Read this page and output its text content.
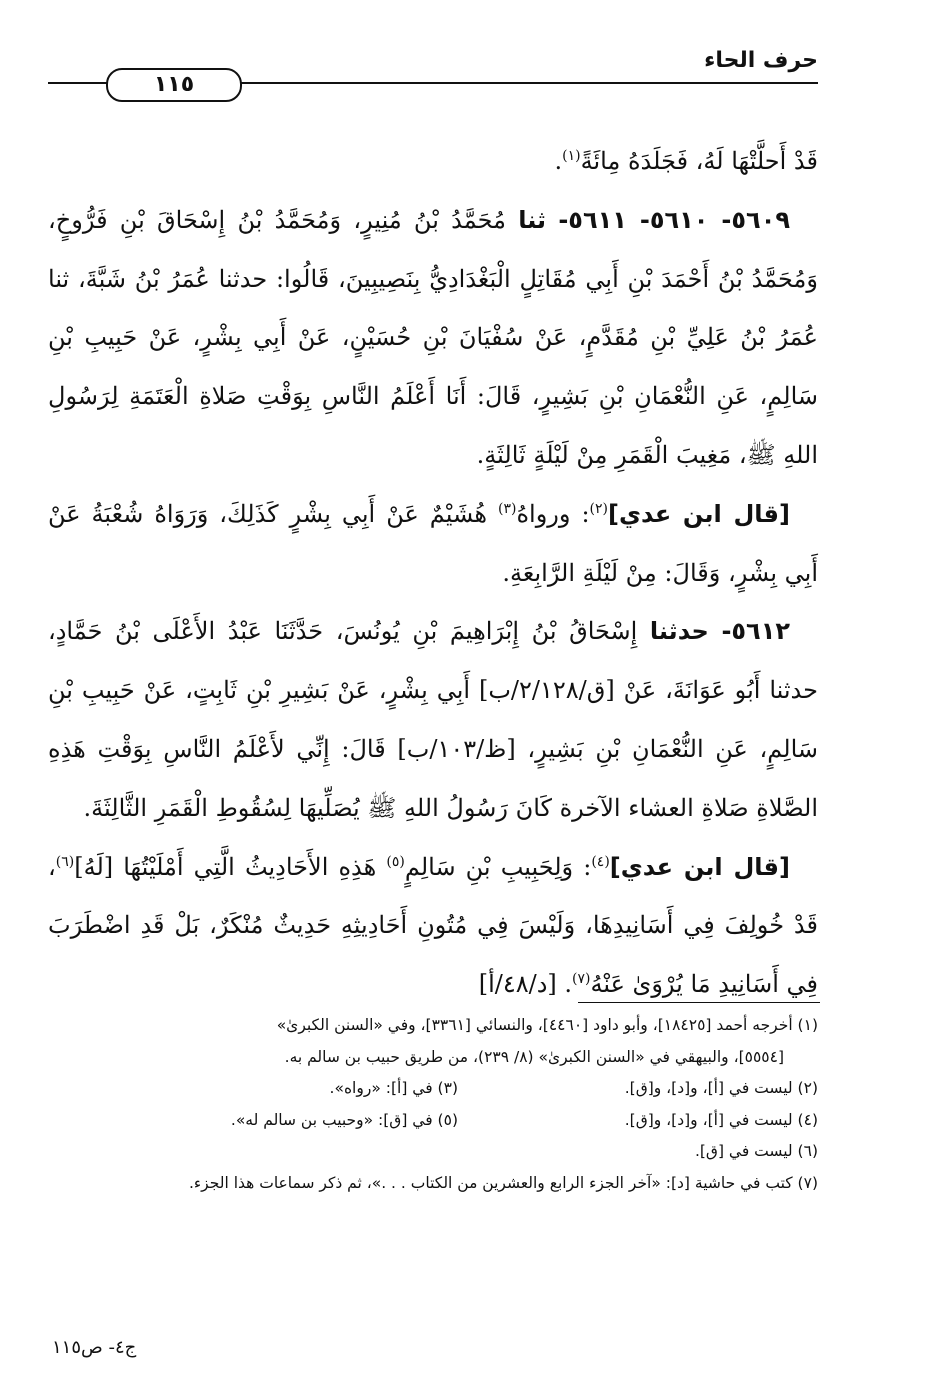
١١٥
حرف الحاء

قَدْ أَحلَّتْهَا لَهُ، فَجَلَدَهُ مِائَةً$^{(١)}$.

٥٦٠٩- ٥٦١٠- ٥٦١١- ثنا مُحَمَّدُ بْنُ مُنِيرٍ، وَمُحَمَّدُ بْنُ إِسْحَاقَ بْنِ فَرُّوخٍ، وَمُحَمَّدُ بْنُ أَحْمَدَ بْنِ أَبِي مُقَاتِلٍ الْبَغْدَادِيُّ بِنَصِيبِينَ، قَالُوا: حدثنا عُمَرُ بْنُ شَبَّةَ، ثنا عُمَرُ بْنُ عَلِيِّ بْنِ مُقَدَّمٍ، عَنْ سُفْيَانَ بْنِ حُسَيْنٍ، عَنْ أَبِي بِشْرٍ، عَنْ حَبِيبِ بْنِ سَالِمٍ، عَنِ النُّعْمَانِ بْنِ بَشِيرٍ، قَالَ: أَنَا أَعْلَمُ النَّاسِ بِوَقْتِ صَلاةِ الْعَتَمَةِ لِرَسُولِ اللهِ ﷺ، مَغِيبَ الْقَمَرِ مِنْ لَيْلَةٍ ثَالِثَةٍ.

[قال ابن عدي]$^{(٢)}$: ورواهُ$^{(٣)}$ هُشَيْمٌ عَنْ أَبِي بِشْرٍ كَذَلِكَ، وَرَوَاهُ شُعْبَةُ عَنْ أَبِي بِشْرٍ، وَقَالَ: مِنْ لَيْلَةِ الرَّابِعَةِ.

٥٦١٢- حدثنا إِسْحَاقُ بْنُ إِبْرَاهِيمَ بْنِ يُونُسَ، حَدَّثَنَا عَبْدُ الأَعْلَى بْنُ حَمَّادٍ، حدثنا أَبُو عَوَانَةَ، عَنْ [ق/٢/١٢٨/ب] أَبِي بِشْرٍ، عَنْ بَشِيرِ بْنِ ثَابِتٍ، عَنْ حَبِيبِ بْنِ سَالِمٍ، عَنِ النُّعْمَانِ بْنِ بَشِيرٍ، [ظ/١٠٣/ب] قَالَ: إِنِّي لأَعْلَمُ النَّاسِ بِوَقْتِ هَذِهِ الصَّلاةِ صَلاةِ العشاء الآخرة كَانَ رَسُولُ اللهِ ﷺ يُصَلِّيهَا لِسُقُوطِ الْقَمَرِ الثَّالِثَةَ.

[قال ابن عدي]$^{(٤)}$: وَلِحَبِيبِ بْنِ سَالِمٍ$^{(٥)}$ هَذِهِ الأَحَادِيثُ الَّتِي أَمْلَيْتُهَا [لَهُ]$^{(٦)}$، قَدْ خُولِفَ فِي أَسَانِيدِهَا، وَلَيْسَ فِي مُتُونِ أَحَادِيثِهِ حَدِيثٌ مُنْكَرٌ، بَلْ قَدِ اضْطَرَبَ فِي أَسَانِيدِ مَا يُرْوَىٰ عَنْهُ$^{(٧)}$. [د/٤٨/أ]

(١) أخرجه أحمد [١٨٤٢٥]، وأبو داود [٤٤٦٠]، والنسائي [٣٣٦١]، وفي «السنن الكبرىٰ»

[٥٥٥٤]، والبيهقي في «السنن الكبرىٰ» (٨/ ٢٣٩)، من طريق حبيب بن سالم به.

(٢) ليست في [أ]، و[د]، و[ق].
(٣) في [أ]: «رواه».
(٤) ليست في [أ]، و[د]، و[ق].
(٥) في [ق]: «وحبيب بن سالم له».

(٦) ليست في [ق].

(٧) كتب في حاشية [د]: «آخر الجزء الرابع والعشرين من الكتاب . . .»، ثم ذكر سماعات هذا الجزء.

ج٤- ص١١٥
